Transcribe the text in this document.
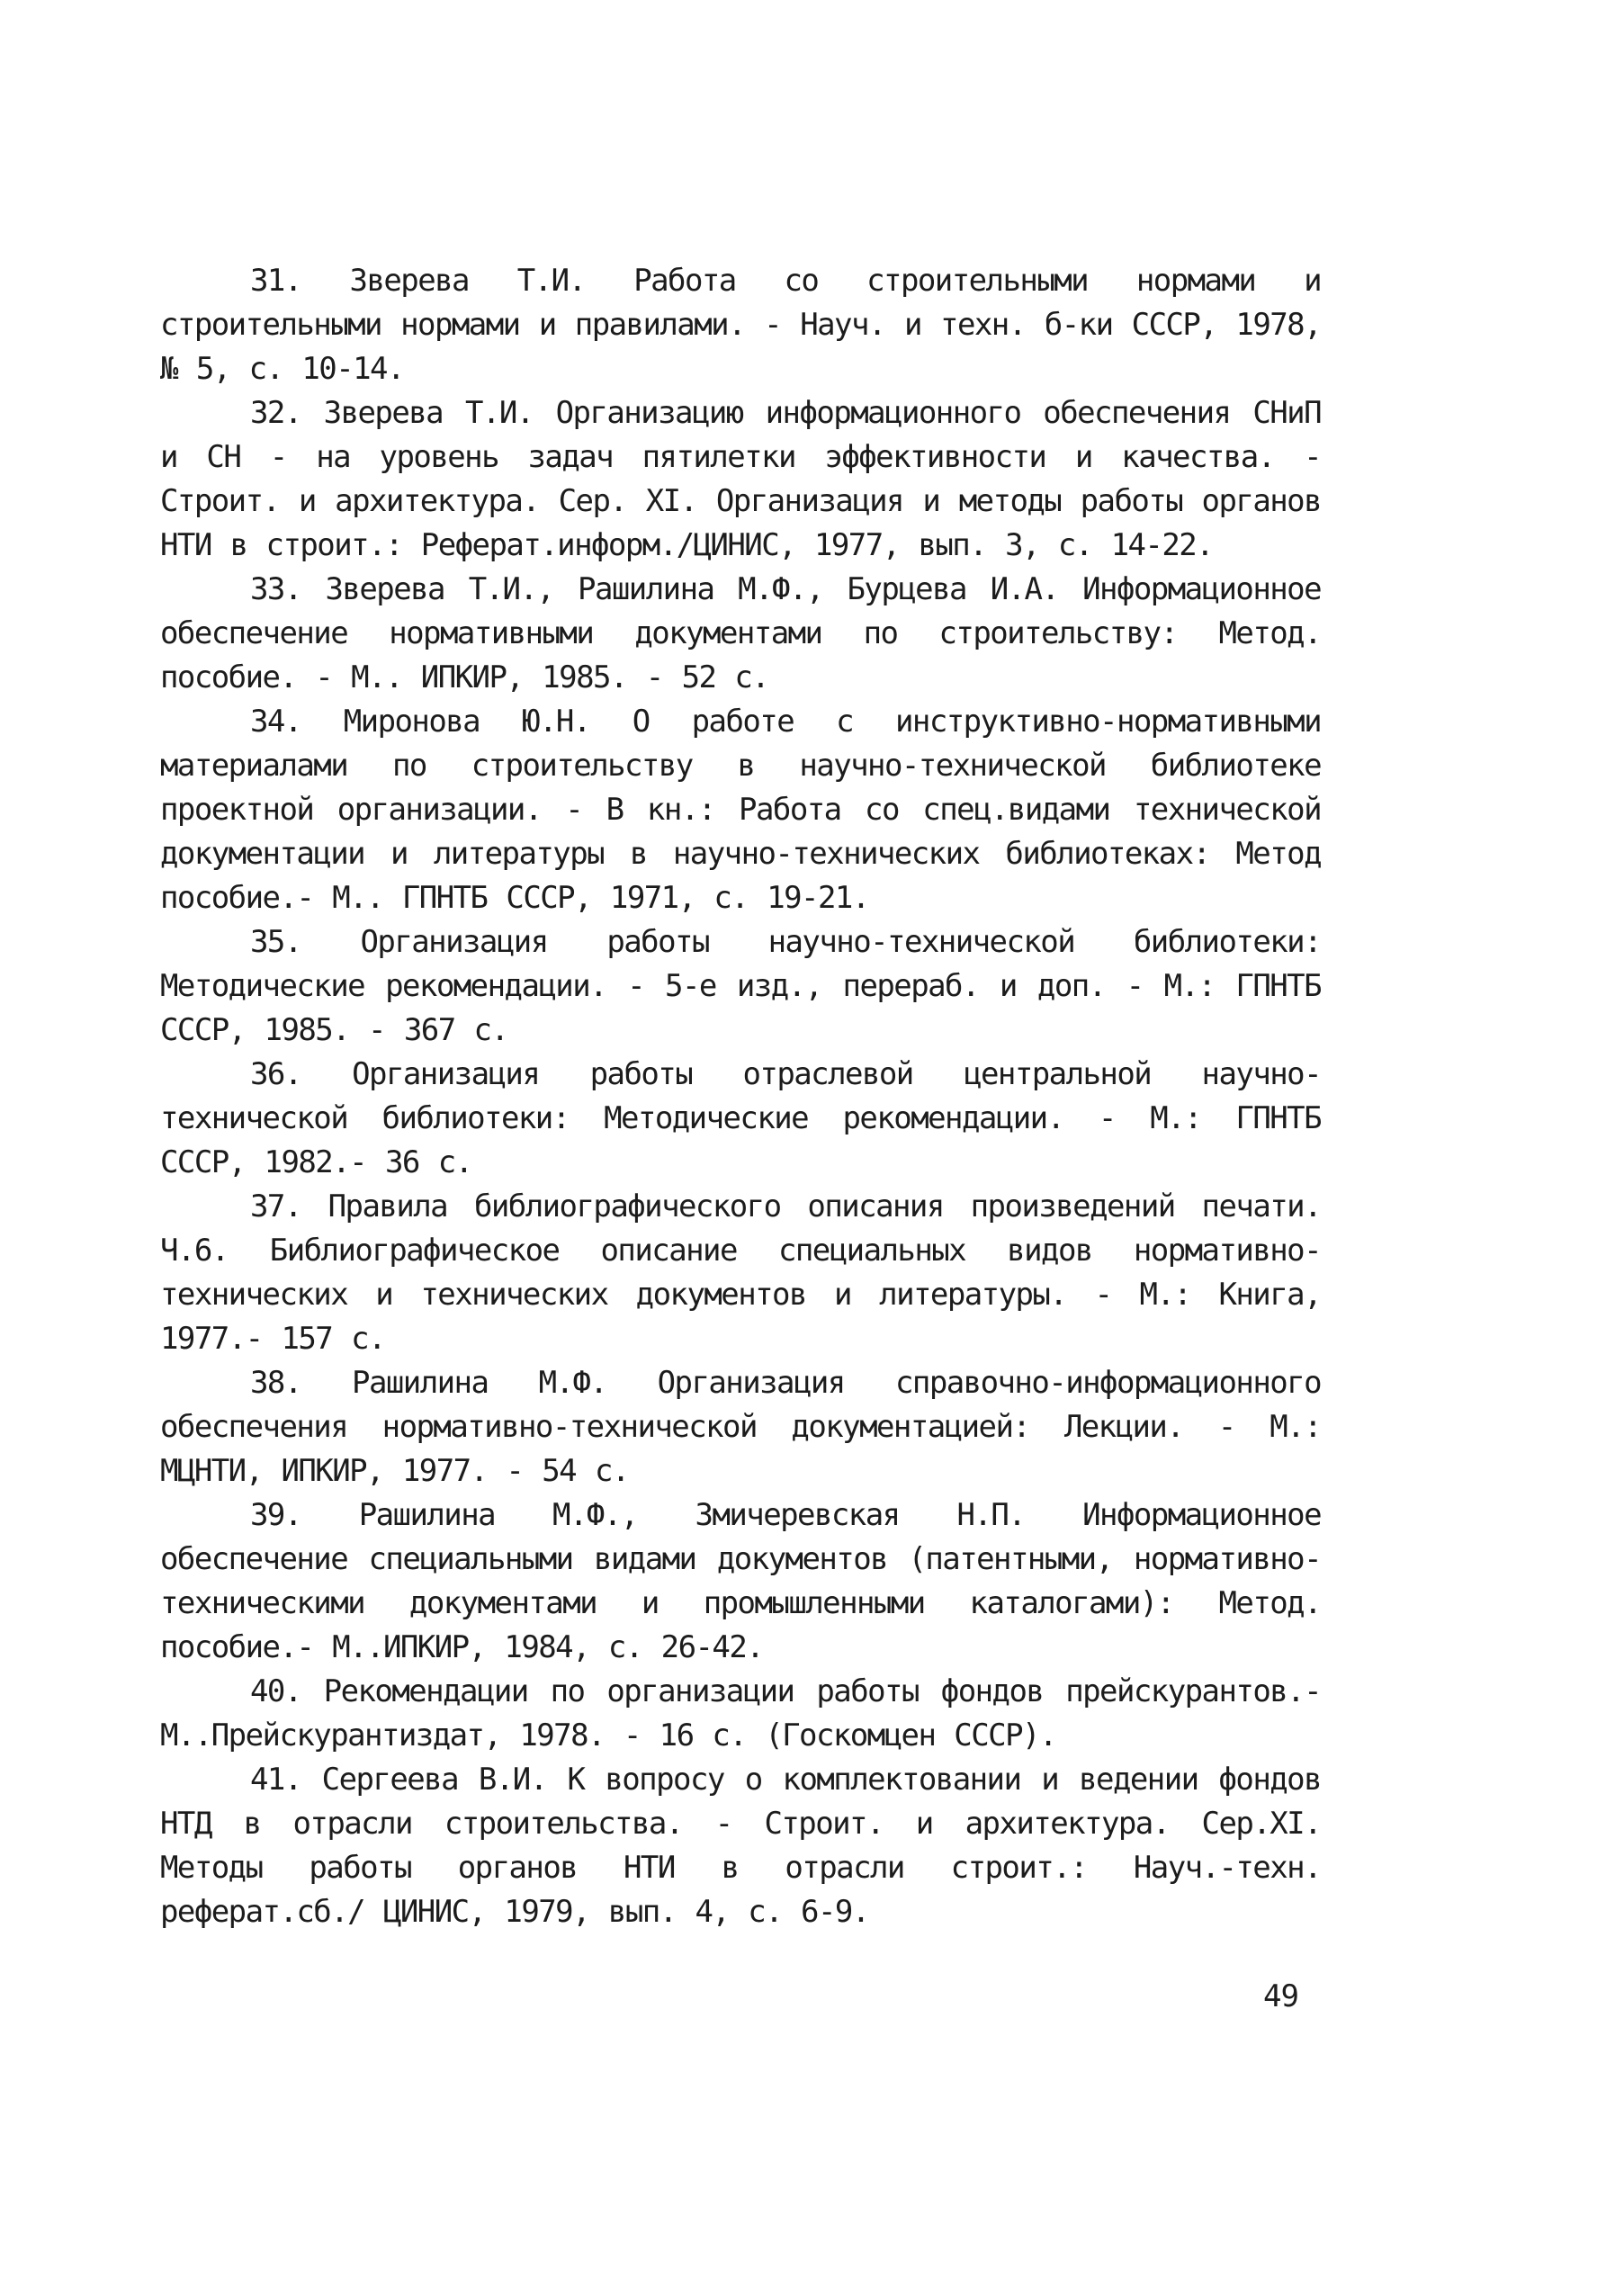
31. Зверева Т.И. Работа со строительными нормами и строительными нормами и правилами. - Науч. и техн. б-ки СССР, 1978, № 5, с. 10-14.

32. Зверева Т.И. Организацию информационного обеспечения СНиП и СН - на уровень задач пятилетки эффективности и качества. - Строит. и архитектура. Сер. XI. Организация и методы работы органов НТИ в строит.: Реферат.информ./ЦИНИС, 1977, вып. 3, с. 14-22.

33. Зверева Т.И., Рашилина М.Ф., Бурцева И.А. Информационное обеспечение нормативными документами по строительству: Метод. пособие. - М.. ИПКИР, 1985. - 52 с.

34. Миронова Ю.Н. О работе с инструктивно-нормативными материалами по строительству в научно-технической библиотеке проектной организации. - В кн.: Работа со спец.видами технической документации и литературы в научно-технических библиотеках: Метод пособие.- М.. ГПНТБ СССР, 1971, с. 19-21.

35. Организация работы научно-технической библиотеки: Методические рекомендации. - 5-е изд., перераб. и доп. - М.: ГПНТБ СССР, 1985. - 367 с.

36. Организация работы отраслевой центральной научно-технической библиотеки: Методические рекомендации. - М.: ГПНТБ СССР, 1982.- 36 с.

37. Правила библиографического описания произведений печати. Ч.6. Библиографическое описание специальных видов нормативно-технических и технических документов и литературы. - М.: Книга, 1977.- 157 с.

38. Рашилина М.Ф. Организация справочно-информационного обеспечения нормативно-технической документацией: Лекции. - М.: МЦНТИ, ИПКИР, 1977. - 54 с.

39. Рашилина М.Ф., Змичеревская Н.П. Информационное обеспечение специальными видами документов (патентными, нормативно-техническими документами и промышленными каталогами): Метод. пособие.- М..ИПКИР, 1984, с. 26-42.

40. Рекомендации по организации работы фондов прейскурантов.- М..Прейскурантиздат, 1978. - 16 с. (Госкомцен СССР).

41. Сергеева В.И. К вопросу о комплектовании и ведении фондов НТД в отрасли строительства. - Строит. и архитектура. Сер.XI. Методы работы органов НТИ в отрасли строит.: Науч.-техн. реферат.сб./ ЦИНИС, 1979, вып. 4, с. 6-9.

49
